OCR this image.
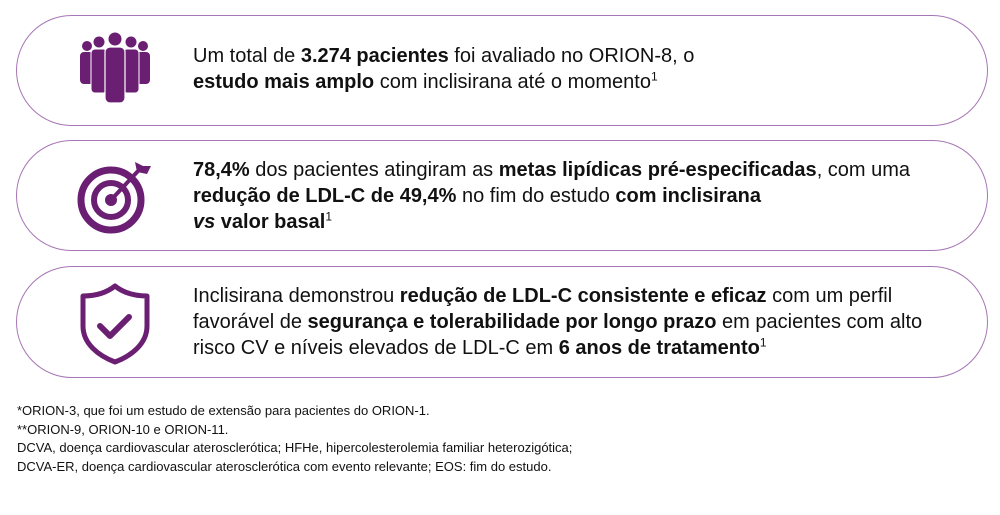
Um total de 3.274 pacientes foi avaliado no ORION-8, o estudo mais amplo com inclisirana até o momento$^1$
78,4% dos pacientes atingiram as metas lipídicas pré-especificadas, com uma redução de LDL-C de 49,4% no fim do estudo com inclisirana
vs valor basal$^1$
Inclisirana demonstrou redução de LDL-C consistente e eficaz com um perfil favorável de segurança e tolerabilidade por longo prazo em pacientes com alto risco CV e níveis elevados de LDL-C em 6 anos de tratamento$^1$
*ORION-3, que foi um estudo de extensão para pacientes do ORION-1.
**ORION-9, ORION-10 e ORION-11.
DCVA, doença cardiovascular aterosclerótica; HFHe, hipercolesterolemia familiar heterozigótica;
DCVA-ER, doença cardiovascular aterosclerótica com evento relevante; EOS: fim do estudo.
